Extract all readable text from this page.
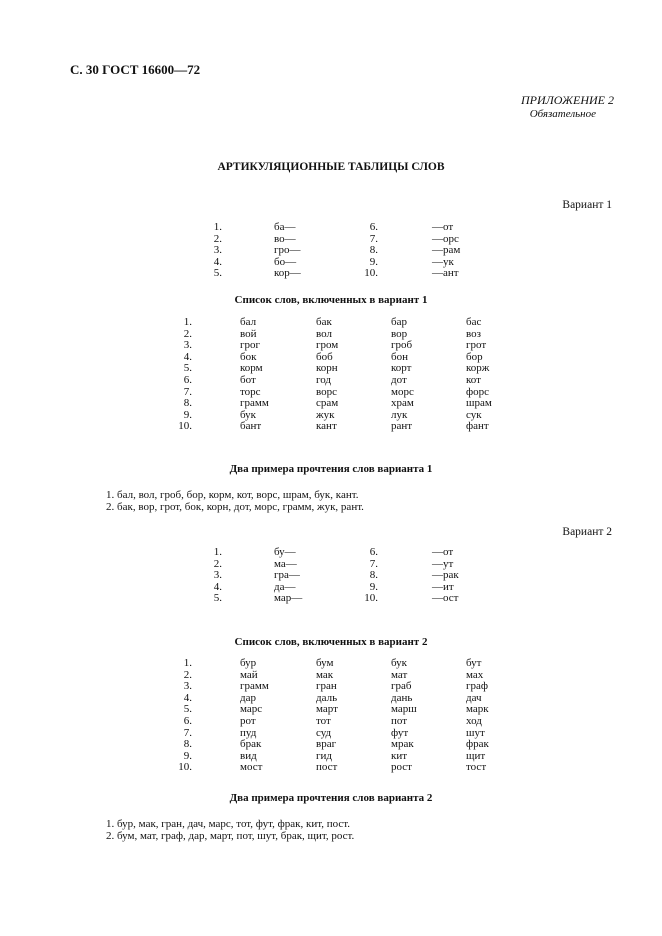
С. 30 ГОСТ 16600—72
ПРИЛОЖЕНИЕ 2
Обязательное
АРТИКУЛЯЦИОННЫЕ ТАБЛИЦЫ СЛОВ
Вариант 1
1.	ба—	6.	—от
2.	во—	7.	—орс
3.	гро—	8.	—рам
4.	бо—	9.	—ук
5.	кор—	10.	—ант
Список слов, включенных в вариант 1
1.	бал	бак	бар	бас
2.	вой	вол	вор	воз
3.	грог	гром	гроб	грот
4.	бок	боб	бон	бор
5.	корм	корн	корт	корж
6.	бот	год	дот	кот
7.	торс	ворс	морс	форс
8.	грамм	срам	храм	шрам
9.	бук	жук	лук	сук
10.	бант	кант	рант	фант
Два примера прочтения слов варианта 1
1. бал, вол, гроб, бор, корм, кот, ворс, шрам, бук, кант.
2. бак, вор, грот, бок, корн, дот, морс, грамм, жук, рант.
Вариант 2
1.	бу—	6.	—от
2.	ма—	7.	—ут
3.	гра—	8.	—рак
4.	да—	9.	—ит
5.	мар—	10.	—ост
Список слов, включенных в вариант 2
1.	бур	бум	бук	бут
2.	май	мак	мат	мах
3.	грамм	гран	граб	граф
4.	дар	даль	дань	дач
5.	марс	март	марш	марк
6.	рот	тот	пот	ход
7.	пуд	суд	фут	шут
8.	брак	враг	мрак	фрак
9.	вид	гид	кит	щит
10.	мост	пост	рост	тост
Два примера прочтения слов варианта 2
1. бур, мак, гран, дач, марс, тот, фут, фрак, кит, пост.
2. бум, мат, граф, дар, март, пот, шут, брак, щит, рост.
